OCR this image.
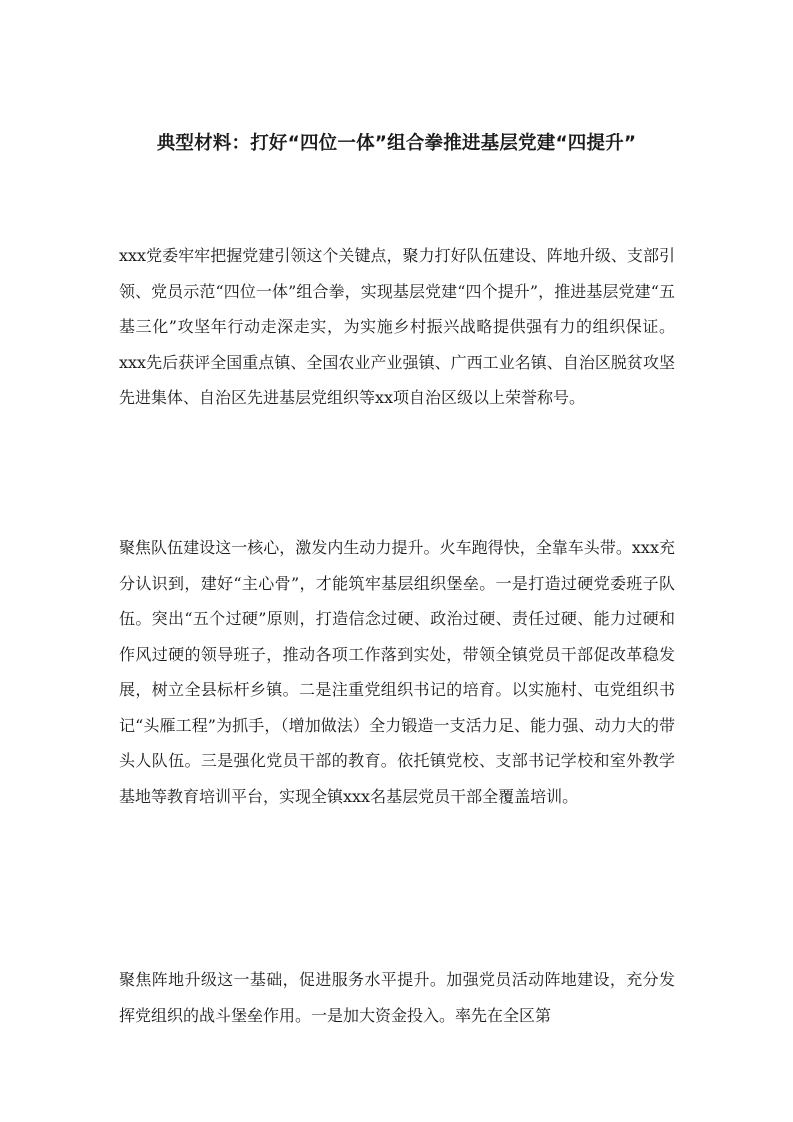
典型材料：打好“四位一体”组合拳推进基层党建“四提升”

xxx党委牢牢把握党建引领这个关键点，聚力打好队伍建设、阵地升级、支部引领、党员示范“四位一体”组合拳，实现基层党建“四个提升”，推进基层党建“五基三化”攻坚年行动走深走实，为实施乡村振兴战略提供强有力的组织保证。xxx先后获评全国重点镇、全国农业产业强镇、广西工业名镇、自治区脱贫攻坚先进集体、自治区先进基层党组织等xx项自治区级以上荣誉称号。

聚焦队伍建设这一核心，激发内生动力提升。火车跑得快，全靠车头带。xxx充分认识到，建好“主心骨”，才能筑牢基层组织堡垒。一是打造过硬党委班子队伍。突出“五个过硬”原则，打造信念过硬、政治过硬、责任过硬、能力过硬和作风过硬的领导班子，推动各项工作落到实处，带领全镇党员干部促改革稳发展，树立全县标杆乡镇。二是注重党组织书记的培育。以实施村、屯党组织书记“头雁工程”为抓手，（增加做法）全力锻造一支活力足、能力强、动力大的带头人队伍。三是强化党员干部的教育。依托镇党校、支部书记学校和室外教学基地等教育培训平台，实现全镇xxx名基层党员干部全覆盖培训。

聚焦阵地升级这一基础，促进服务水平提升。加强党员活动阵地建设，充分发挥党组织的战斗堡垒作用。一是加大资金投入。率先在全区第
